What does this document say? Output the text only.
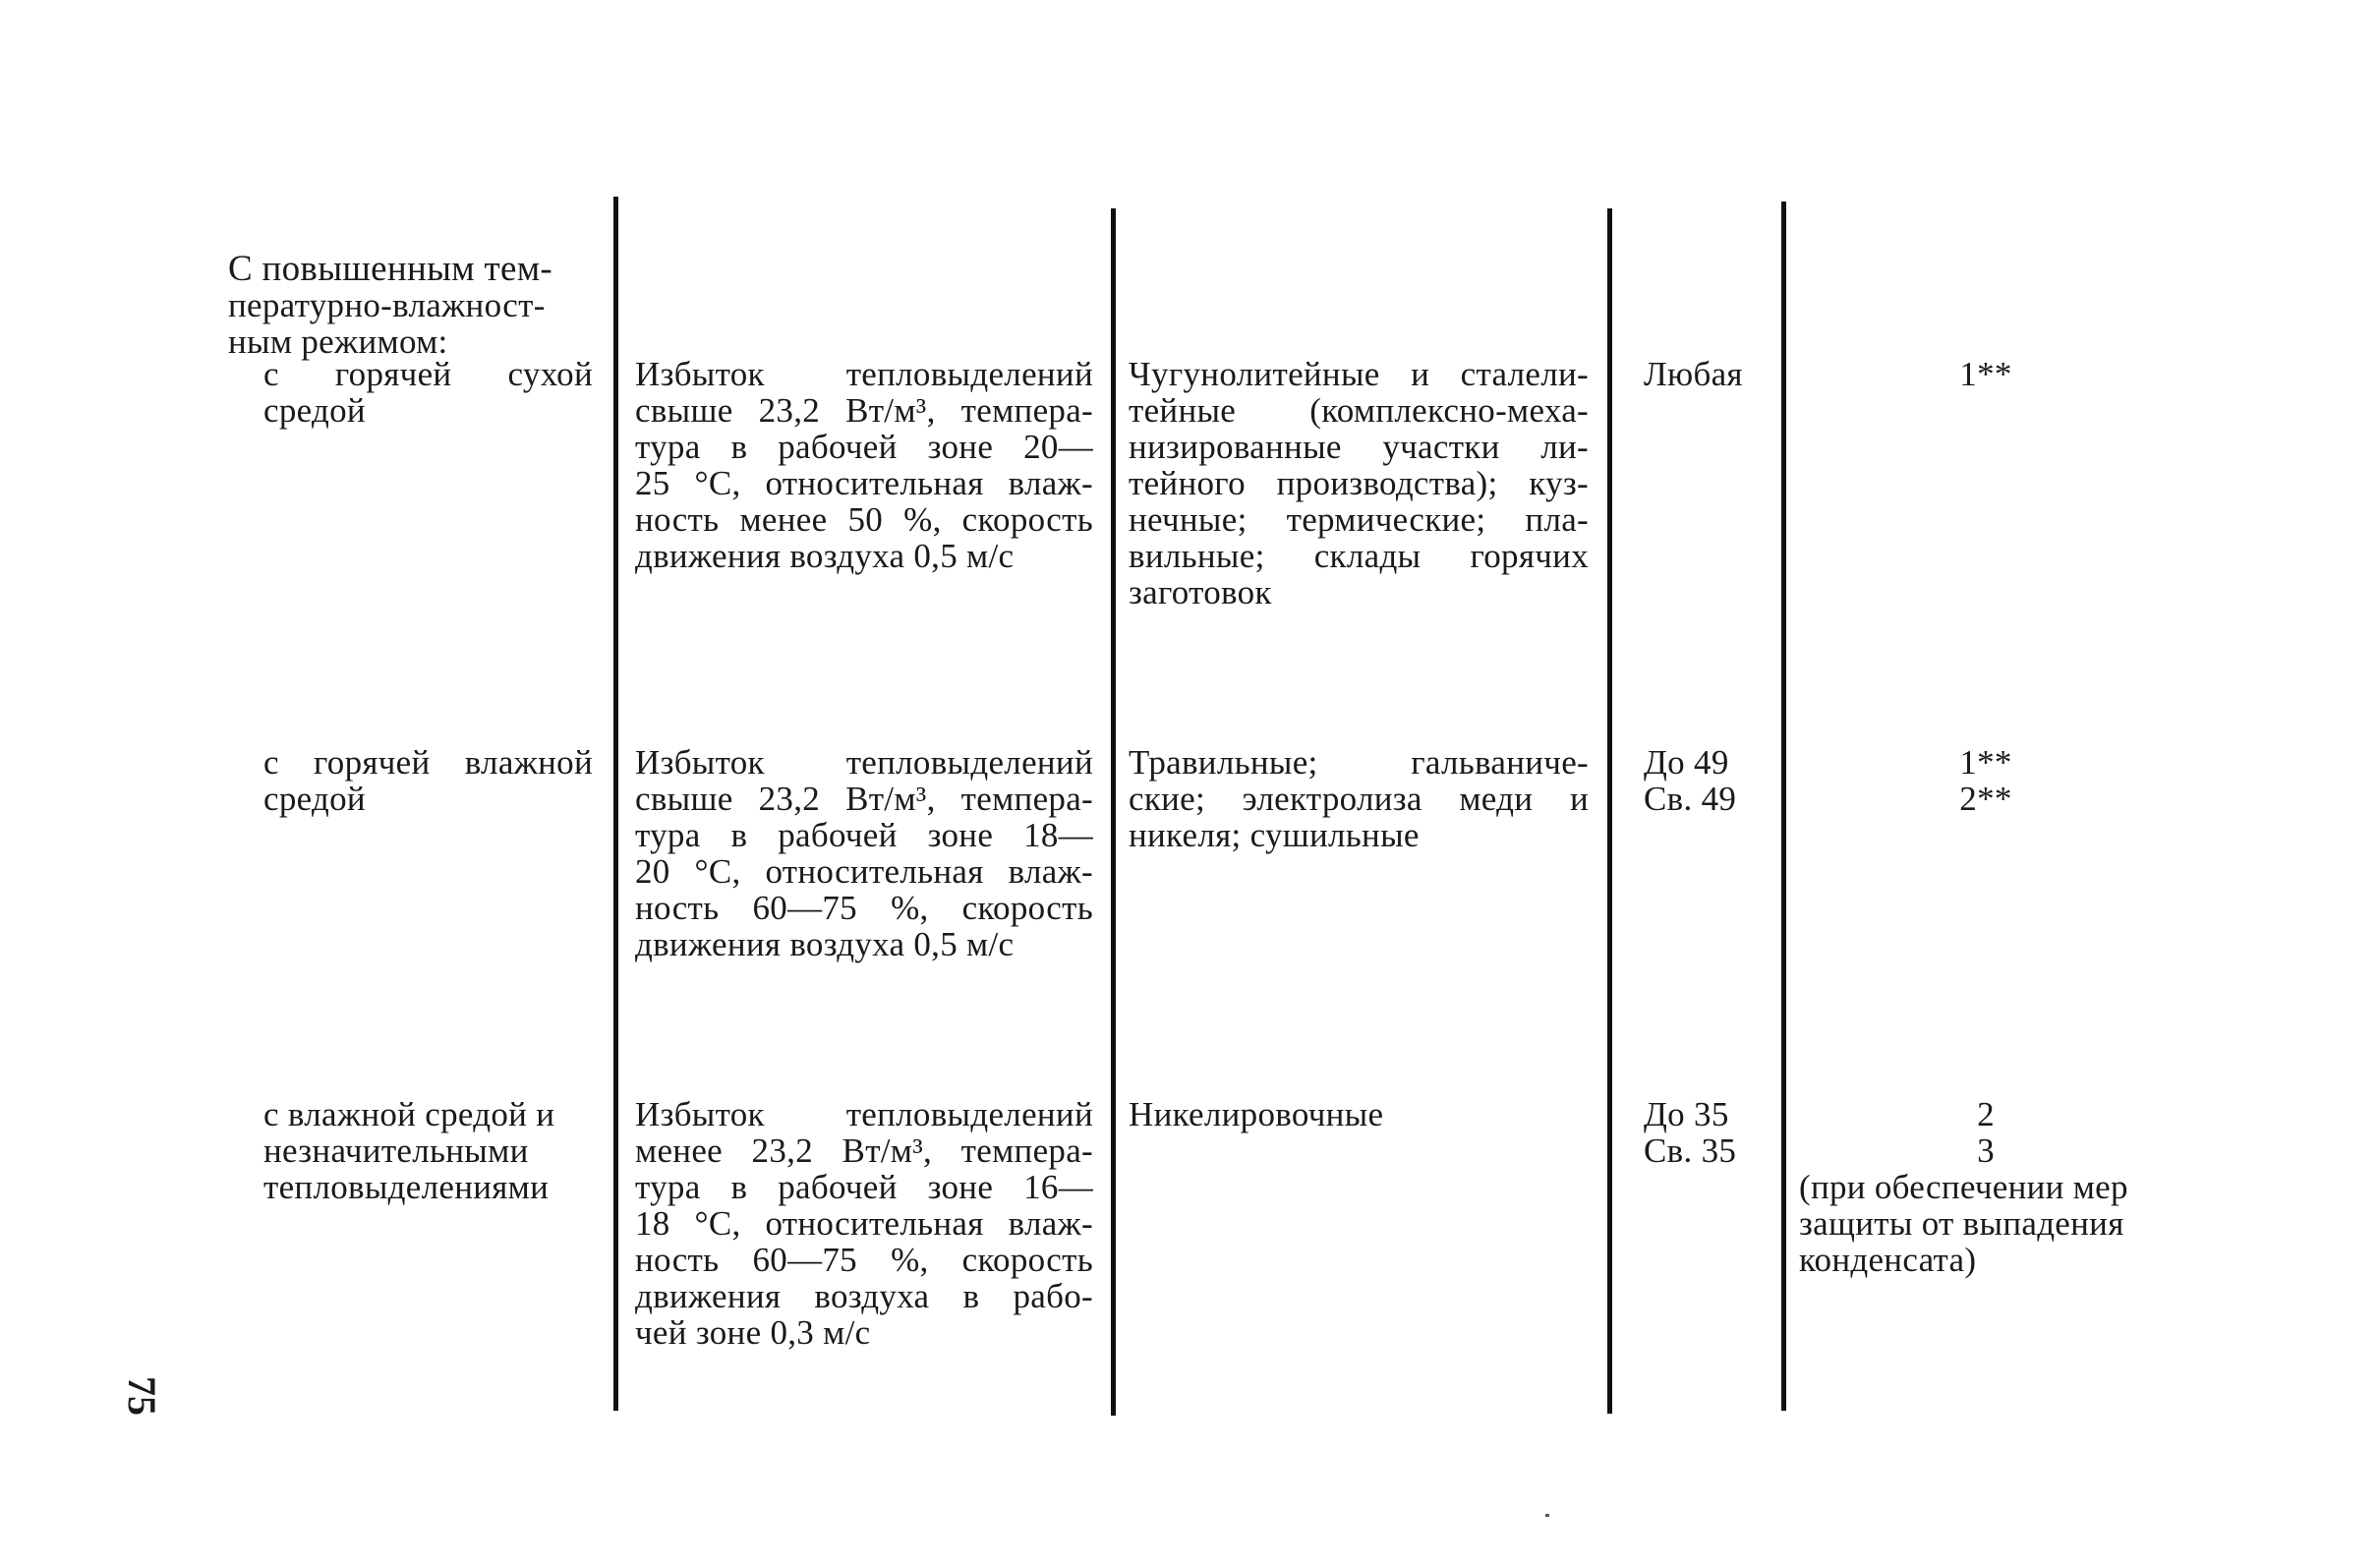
С повышенным тем-
пературно-влажност-
ным режимом:
с горячей сухой
средой
Избыток тепловыделений
свыше 23,2 Вт/м³, темпера-
тура в рабочей зоне 20—
25 °С, относительная влаж-
ность менее 50 %, скорость
движения воздуха 0,5 м/с
Чугунолитейные и сталели-
тейные (комплексно-меха-
низированные участки ли-
тейного производства); куз-
нечные; термические; пла-
вильные; склады горячих
заготовок
Любая	1**
с горячей влажной
средой
Избыток тепловыделений
свыше 23,2 Вт/м³, темпера-
тура в рабочей зоне 18—
20 °С, относительная влаж-
ность 60—75 %, скорость
движения воздуха 0,5 м/с
Травильные; гальваниче-
ские; электролиза меди и
никеля; сушильные
До 49
Св. 49
1**
2**
с влажной средой и
незначительными
тепловыделениями
Избыток тепловыделений
менее 23,2 Вт/м³, темпера-
тура в рабочей зоне 16—
18 °С, относительная влаж-
ность 60—75 %, скорость
движения воздуха в рабо-
чей зоне 0,3 м/с
Никелировочные	До 35
Св. 35
2
3
(при обеспечении мер
защиты от выпадения
конденсата)
75
